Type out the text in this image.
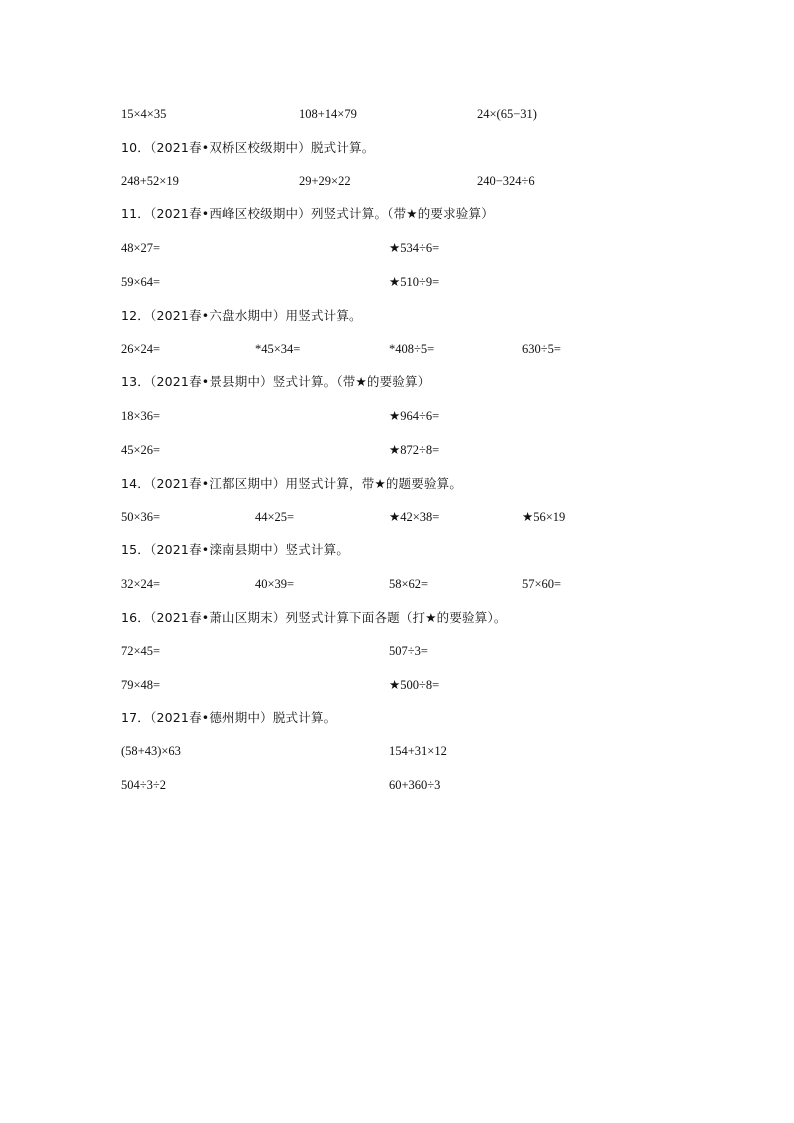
15×4×35	108+14×79	24×(65−31)
10．（2021春•双桥区校级期中）脱式计算。
248+52×19	29+29×22	240−324÷6
11．（2021春•西峰区校级期中）列竖式计算。（带★的要求验算）
48×27=	★534÷6=
59×64=	★510÷9=
12．（2021春•六盘水期中）用竖式计算。
26×24=	*45×34=	*408÷5=	630÷5=
13．（2021春•景县期中）竖式计算。（带★的要验算）
18×36=	★964÷6=
45×26=	★872÷8=
14．（2021春•江都区期中）用竖式计算，带★的题要验算。
50×36=	44×25=	★42×38=	★56×19
15．（2021春•滦南县期中）竖式计算。
32×24=	40×39=	58×62=	57×60=
16．（2021春•萧山区期末）列竖式计算下面各题（打★的要验算）。
72×45=	507÷3=
79×48=	★500÷8=
17．（2021春•德州期中）脱式计算。
(58+43)×63	154+31×12
504÷3÷2	60+360÷3
